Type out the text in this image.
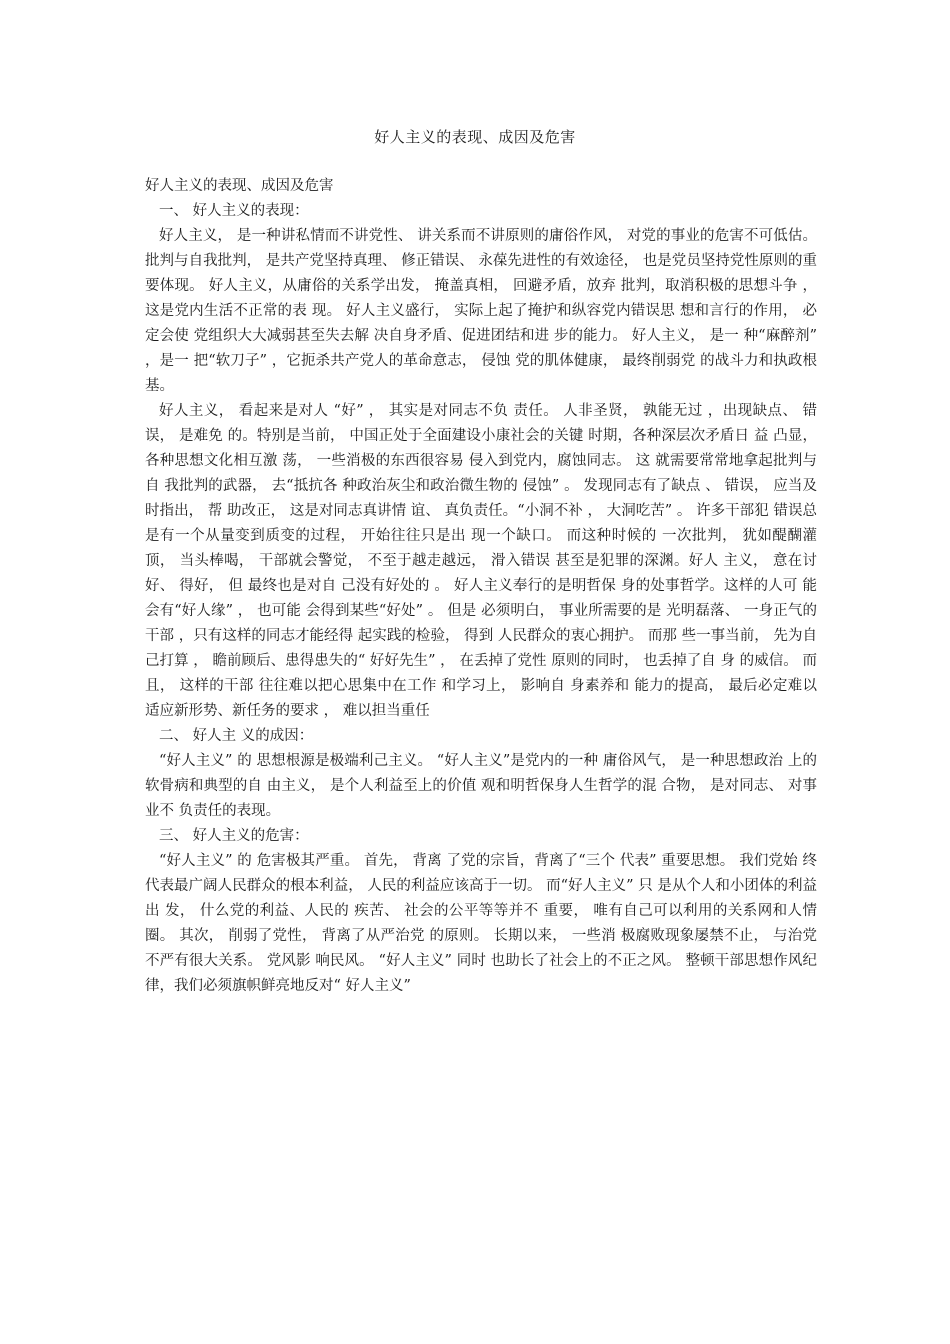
好人主义的表现、成因及危害

好人主义的表现、成因及危害

一、 好人主义的表现：

好人主义， 是一种讲私情而不讲党性、 讲关系而不讲原则的庸俗作风， 对党的事业的危害不可低估。 批判与自我批判， 是共产党坚持真理、 修正错误、 永葆先进性的有效途径， 也是党员坚持党性原则的重要体现。 好人主义，从庸俗的关系学出发， 掩盖真相， 回避矛盾，放弃 批判，取消积极的思想斗争 ， 这是党内生活不正常的表 现。 好人主义盛行， 实际上起了掩护和纵容党内错误思 想和言行的作用， 必定会使 党组织大大减弱甚至失去解 决自身矛盾、促进团结和进 步的能力。 好人主义， 是一 种“麻醉剂” ，是一 把“软刀子” ，它扼杀共产党人的革命意志， 侵蚀 党的肌体健康， 最终削弱党 的战斗力和执政根基。

好人主义， 看起来是对人 “好” ， 其实是对同志不负 责任。 人非圣贤， 孰能无过 ，出现缺点、 错误， 是难免 的。特别是当前， 中国正处于全面建设小康社会的关键 时期，各种深层次矛盾日 益 凸显， 各种思想文化相互激 荡， 一些消极的东西很容易 侵入到党内，腐蚀同志。 这 就需要常常地拿起批判与自 我批判的武器， 去“抵抗各 种政治灰尘和政治微生物的 侵蚀” 。 发现同志有了缺点 、 错误， 应当及时指出， 帮 助改正， 这是对同志真讲情 谊、 真负责任。“小洞不补 ， 大洞吃苦” 。 许多干部犯 错误总是有一个从量变到质变的过程， 开始往往只是出 现一个缺口。 而这种时候的 一次批判， 犹如醍醐灌顶， 当头棒喝， 干部就会警觉， 不至于越走越远， 滑入错误 甚至是犯罪的深渊。好人 主义， 意在讨好、 得好， 但 最终也是对自 己没有好处的 。 好人主义奉行的是明哲保 身的处事哲学。这样的人可 能会有“好人缘” ， 也可能 会得到某些“好处” 。 但是 必须明白， 事业所需要的是 光明磊落、 一身正气的干部 ，只有这样的同志才能经得 起实践的检验， 得到 人民群众的衷心拥护。 而那 些一事当前， 先为自 己打算 ， 瞻前顾后、患得患失的“ 好好先生” ， 在丢掉了党性 原则的同时， 也丢掉了自 身 的威信。 而且， 这样的干部 往往难以把心思集中在工作 和学习上， 影响自 身素养和 能力的提高， 最后必定难以 适应新形势、新任务的要求 ， 难以担当重任

二、 好人主 义的成因：

“好人主义” 的 思想根源是极端利己主义。 “好人主义”是党内的一种 庸俗风气， 是一种思想政治 上的软骨病和典型的自 由主义， 是个人利益至上的价值 观和明哲保身人生哲学的混 合物， 是对同志、 对事业不 负责任的表现。

三、 好人主义的危害：

“好人主义” 的 危害极其严重。 首先， 背离 了党的宗旨，背离了“三个 代表” 重要思想。 我们党始 终代表最广阔人民群众的根本利益， 人民的利益应该高于一切。 而“好人主义” 只 是从个人和小团体的利益出 发， 什么党的利益、人民的 疾苦、 社会的公平等等并不 重要， 唯有自己可以利用的关系网和人情圈。 其次， 削弱了党性， 背离了从严治党 的原则。 长期以来， 一些消 极腐败现象屡禁不止， 与治党不严有很大关系。 党风影 响民风。 “好人主义” 同时 也助长了社会上的不正之风。 整顿干部思想作风纪律，我们必须旗帜鲜亮地反对“ 好人主义”
